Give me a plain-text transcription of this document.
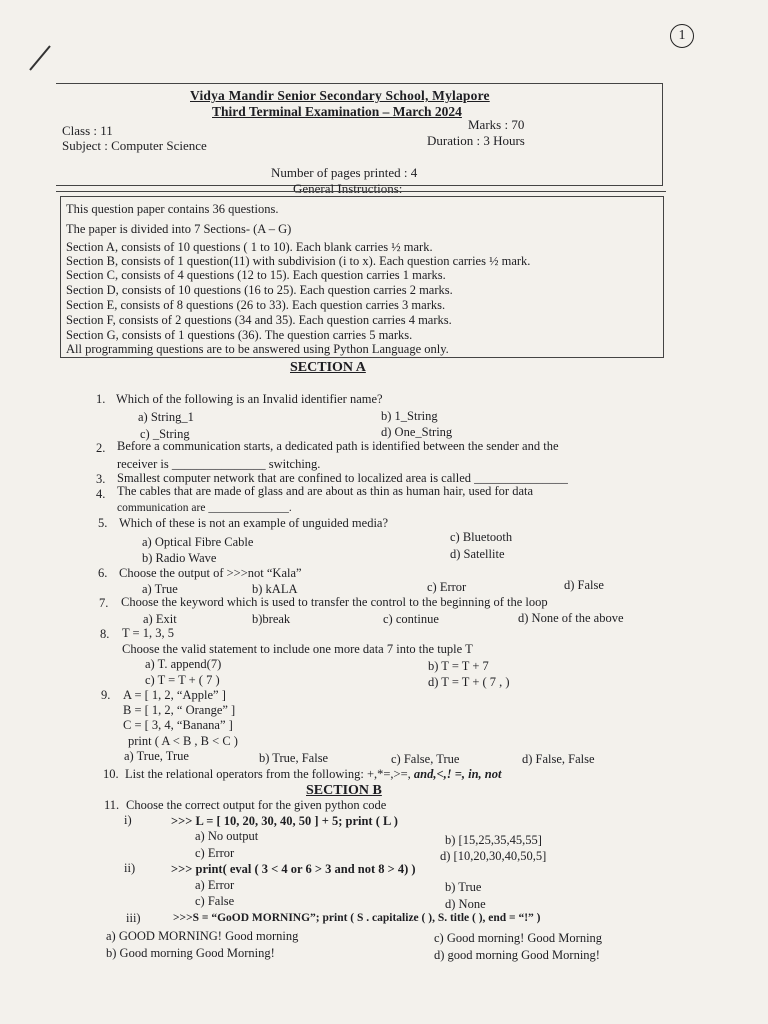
1
Vidya Mandir Senior Secondary School, Mylapore
Third Terminal Examination – March 2024
Marks : 70
Class : 11
Subject : Computer Science	Duration : 3 Hours
Number of pages printed : 4
General Instructions:
This question paper contains 36 questions.
The paper is divided into 7 Sections- (A – G)
Section A, consists of 10 questions ( 1 to 10). Each blank carries ½ mark.
Section B, consists of 1 question(11) with subdivision (i to x). Each question carries ½ mark.
Section C, consists of 4 questions (12 to 15). Each question carries 1 marks.
Section D, consists of 10 questions (16 to 25). Each question carries 2 marks.
Section E, consists of 8 questions (26 to 33). Each question carries 3 marks.
Section F, consists of 2 questions (34 and 35). Each question carries 4 marks.
Section G, consists of 1 questions (36). The question carries 5 marks.
All programming questions are to be answered using Python Language only.
SECTION A
1. Which of the following is an Invalid identifier name?
a) String_1	b) 1_String
c) _String	d) One_String
2. Before a communication starts, a dedicated path is identified between the sender and the
receiver is _______________ switching.
3. Smallest computer network that are confined to localized area is called _______________
4. The cables that are made of glass and are about as thin as human hair, used for data
communication are ______________.
5. Which of these is not an example of unguided media?
a) Optical Fibre Cable	c) Bluetooth
b) Radio Wave	d) Satellite
6. Choose the output of >>>not “Kala”
a) True	b) kALA	c) Error	d) False
7. Choose the keyword which is used to transfer the control to the beginning of the loop
a) Exit	b)break	c) continue	d) None of the above
8. T = 1, 3, 5
Choose the valid statement to include one more data 7 into the tuple T
a) T. append(7)	b) T = T + 7
c) T = T + ( 7 )	d) T = T + ( 7 , )
9. A = [ 1, 2, “Apple” ]
B = [ 1, 2, “ Orange” ]
C = [ 3, 4, “Banana” ]
print ( A < B , B < C )
a) True, True	b) True, False	c) False, True	d) False, False
10. List the relational operators from the following: +,*=,>=, and,<,! =, in, not
SECTION B
11. Choose the correct output for the given python code
i)	>>> L = [ 10, 20, 30, 40, 50 ] + 5; print ( L )
a) No output	b) [15,25,35,45,55]
c) Error	d) [10,20,30,40,50,5]
ii)	>>> print( eval ( 3 < 4 or 6 > 3 and not 8 > 4) )
a) Error	b) True
c) False	d) None
iii)	>>>S = “GoOD MORNING”; print ( S . capitalize ( ), S. title ( ), end = “!” )
a) GOOD MORNING! Good morning	c) Good morning! Good Morning
b) Good morning Good Morning!	d) good morning Good Morning!
